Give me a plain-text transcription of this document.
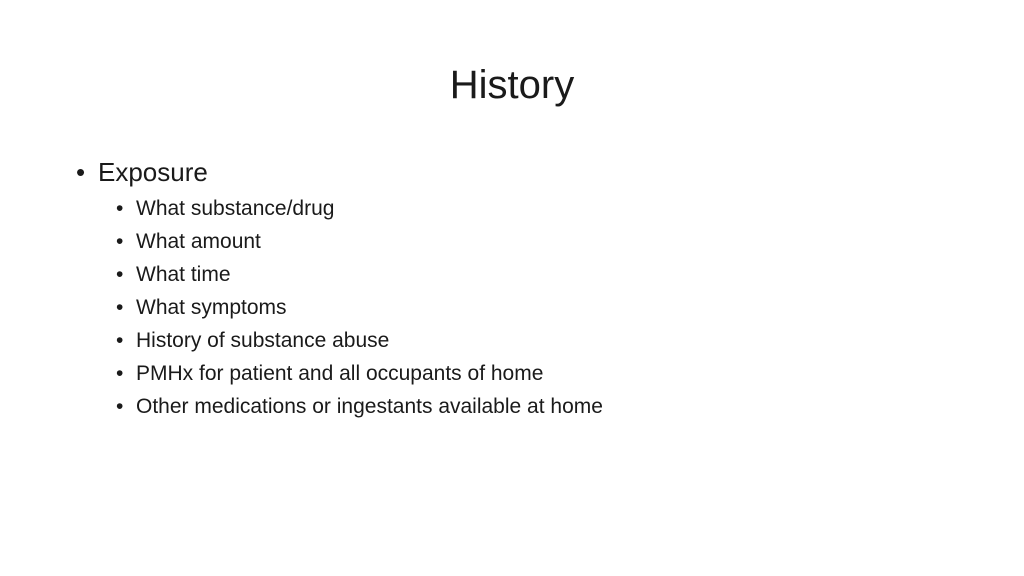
History
• Exposure
• What substance/drug
• What amount
• What time
• What symptoms
• History of substance abuse
• PMHx for patient and all occupants of home
• Other medications or ingestants available at home
